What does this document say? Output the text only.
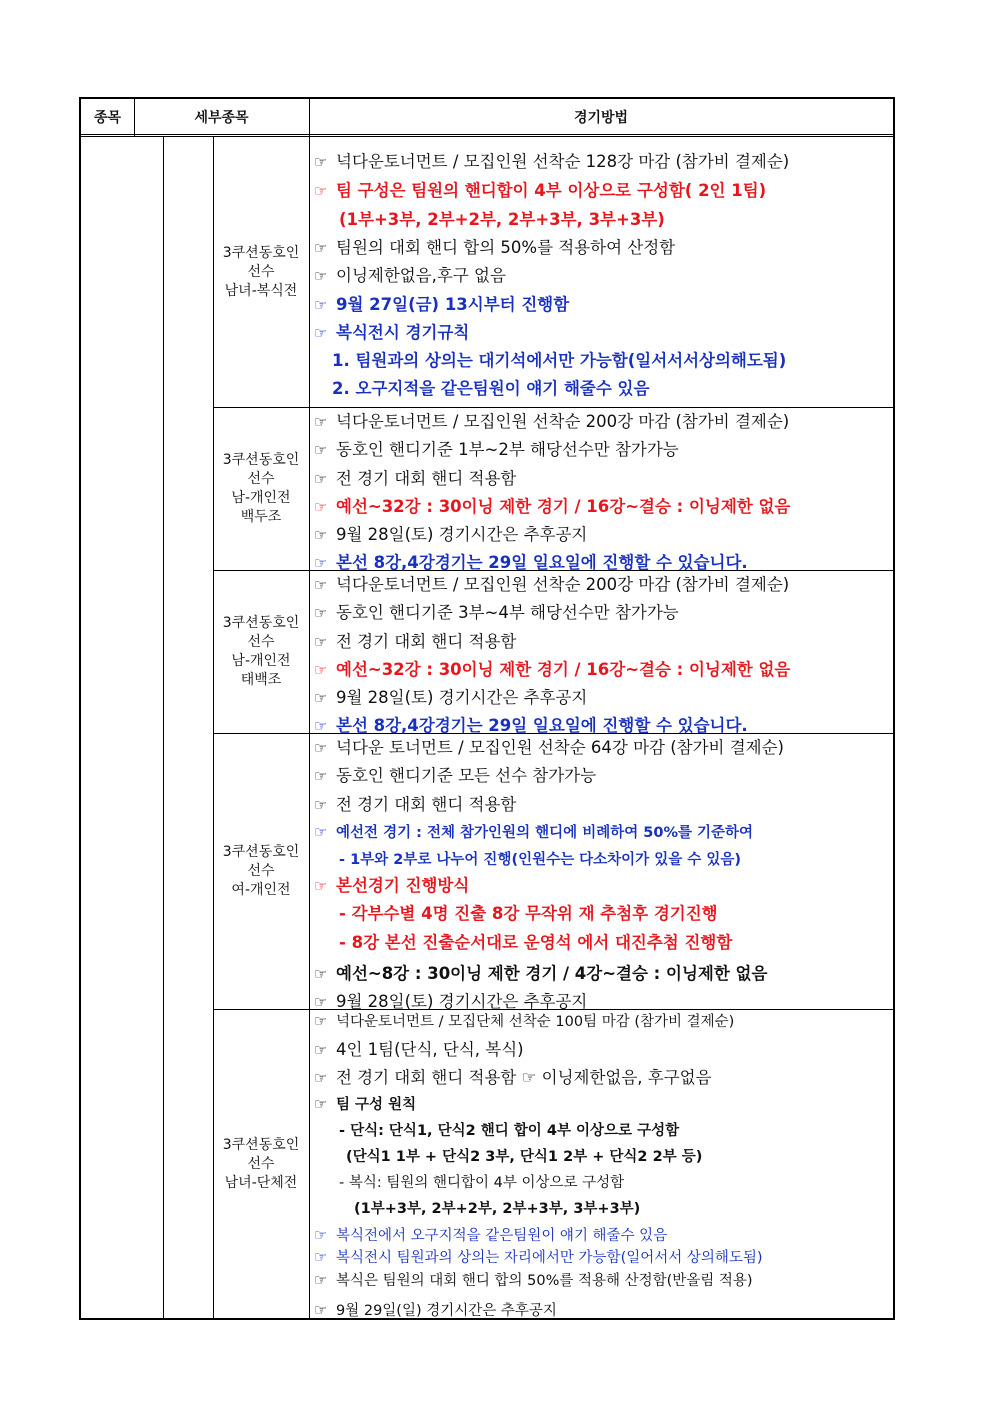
종목	세부종목	경기방법
3쿠션동호인
선수
남녀-복식전
3쿠션동호인
선수
남-개인전
백두조
3쿠션동호인
선수
남-개인전
태백조
3쿠션동호인
선수
여-개인전
3쿠션동호인
선수
남녀-단체전
☞ 넉다운토너먼트 / 모집인원 선착순 128강 마감 (참가비 결제순)
☞ 팀 구성은 팀원의 핸디합이 4부 이상으로 구성함( 2인 1팀)
(1부+3부, 2부+2부, 2부+3부, 3부+3부)
☞ 팀원의 대회 핸디 합의 50%를 적용하여 산정함
☞ 이닝제한없음,후구 없음
☞ 9월 27일(금) 13시부터 진행함
☞ 복식전시 경기규칙
1. 팀원과의 상의는 대기석에서만 가능함(일서서서상의해도됨)
2. 오구지적을 같은팀원이 얘기 해줄수 있음
☞ 넉다운토너먼트 / 모집인원 선착순 200강 마감 (참가비 결제순)
☞ 동호인 핸디기준 1부~2부 해당선수만 참가가능
☞ 전 경기 대회 핸디 적용함
☞ 예선~32강 : 30이닝 제한 경기 / 16강~결승 : 이닝제한 없음
☞ 9월 28일(토) 경기시간은 추후공지
☞ 본선 8강,4강경기는 29일 일요일에 진행할 수 있습니다.
☞ 넉다운토너먼트 / 모집인원 선착순 200강 마감 (참가비 결제순)
☞ 동호인 핸디기준 3부~4부 해당선수만 참가가능
☞ 전 경기 대회 핸디 적용함
☞ 예선~32강 : 30이닝 제한 경기 / 16강~결승 : 이닝제한 없음
☞ 9월 28일(토) 경기시간은 추후공지
☞ 본선 8강,4강경기는 29일 일요일에 진행할 수 있습니다.
☞ 넉다운 토너먼트 / 모집인원 선착순 64강 마감 (참가비 결제순)
☞ 동호인 핸디기준 모든 선수 참가가능
☞ 전 경기 대회 핸디 적용함
☞ 예선전 경기 : 전체 참가인원의 핸디에 비례하여 50%를 기준하여
- 1부와 2부로 나누어 진행(인원수는 다소차이가 있을 수 있음)
☞ 본선경기 진행방식
- 각부수별 4명 진출 8강 무작위 재 추첨후 경기진행
- 8강 본선 진출순서대로 운영석 에서 대진추첨 진행함
☞ 예선~8강 : 30이닝 제한 경기 / 4강~결승 : 이닝제한 없음
☞ 9월 28일(토) 경기시간은 추후공지
☞ 넉다운토너먼트 / 모집단체 선착순 100팀 마감 (참가비 결제순)
☞ 4인 1팀(단식, 단식, 복식)
☞ 전 경기 대회 핸디 적용함 ☞ 이닝제한없음, 후구없음
☞ 팀 구성 원칙
- 단식: 단식1, 단식2 핸디 합이 4부 이상으로 구성함
(단식1 1부 + 단식2 3부, 단식1 2부 + 단식2 2부 등)
- 복식: 팀원의 핸디합이 4부 이상으로 구성함
(1부+3부, 2부+2부, 2부+3부, 3부+3부)
☞ 복식전에서 오구지적을 같은팀원이 얘기 해줄수 있음
☞ 복식전시 팀원과의 상의는 자리에서만 가능함(일어서서 상의해도됨)
☞ 복식은 팀원의 대회 핸디 합의 50%를 적용해 산정함(반올림 적용)
☞ 9월 29일(일) 경기시간은 추후공지
